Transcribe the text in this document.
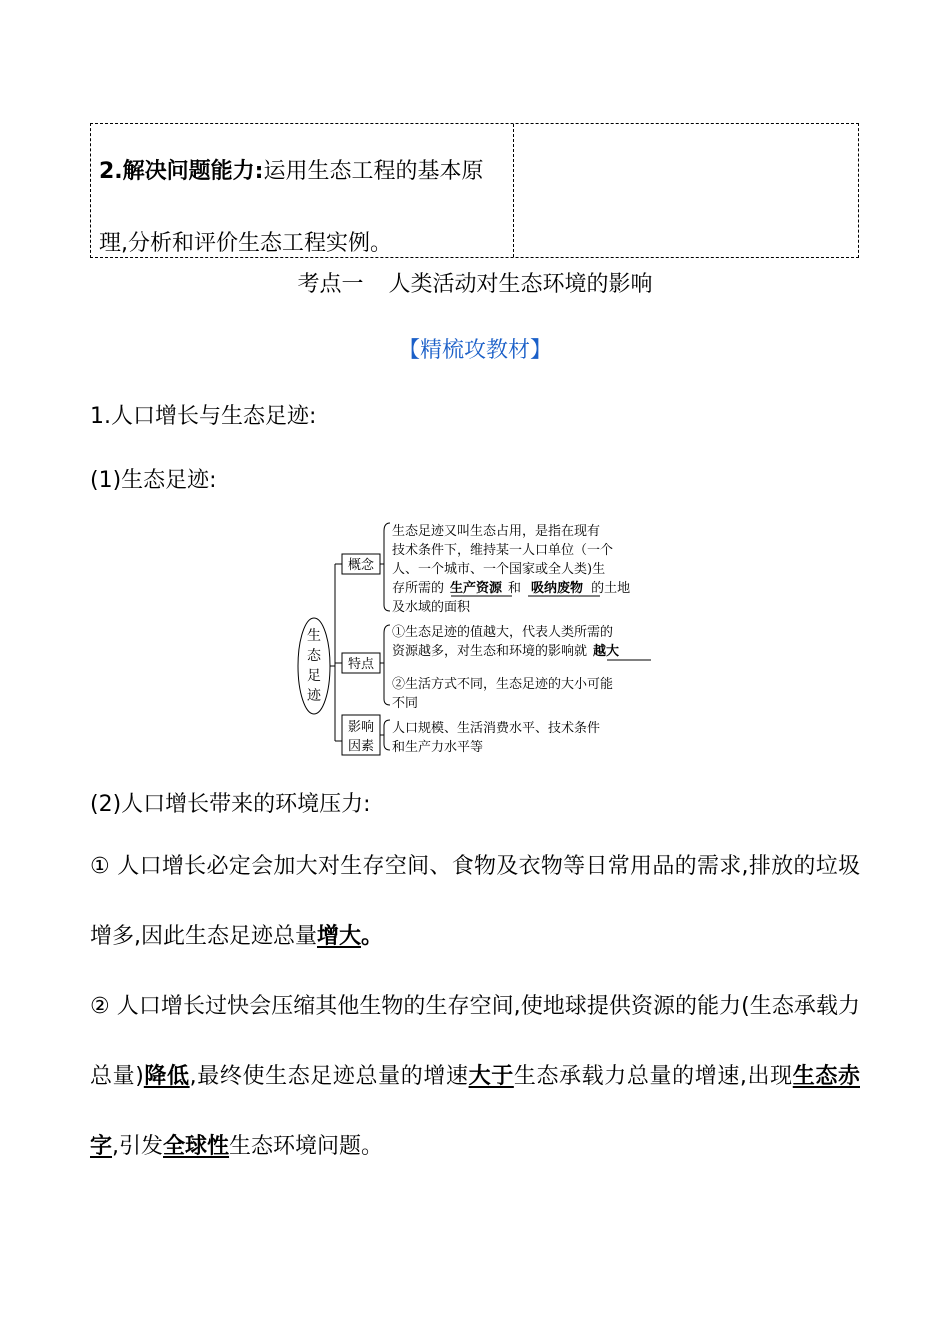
2.解决问题能力:运用生态工程的基本原理,分析和评价生态工程实例。
考点一 人类活动对生态环境的影响
【精梳攻教材】
1.人口增长与生态足迹:
(1)生态足迹:
生
态
足
迹
概念
特点
影响
因素
生态足迹又叫生态占用，是指在现有
技术条件下，维持某一人口单位（一个
人、一个城市、一个国家或全人类)生
存所需的 生产资源 和 吸纳废物 的土地
及水域的面积
①生态足迹的值越大，代表人类所需的
资源越多，对生态和环境的影响就 越大
②生活方式不同，生态足迹的大小可能
不同
人口规模、生活消费水平、技术条件
和生产力水平等
(2)人口增长带来的环境压力:
① 人口增长必定会加大对生存空间、食物及衣物等日常用品的需求,排放的垃圾增多,因此生态足迹总量增大。
② 人口增长过快会压缩其他生物的生存空间,使地球提供资源的能力(生态承载力总量)降低,最终使生态足迹总量的增速大于生态承载力总量的增速,出现生态赤字,引发全球性生态环境问题。
